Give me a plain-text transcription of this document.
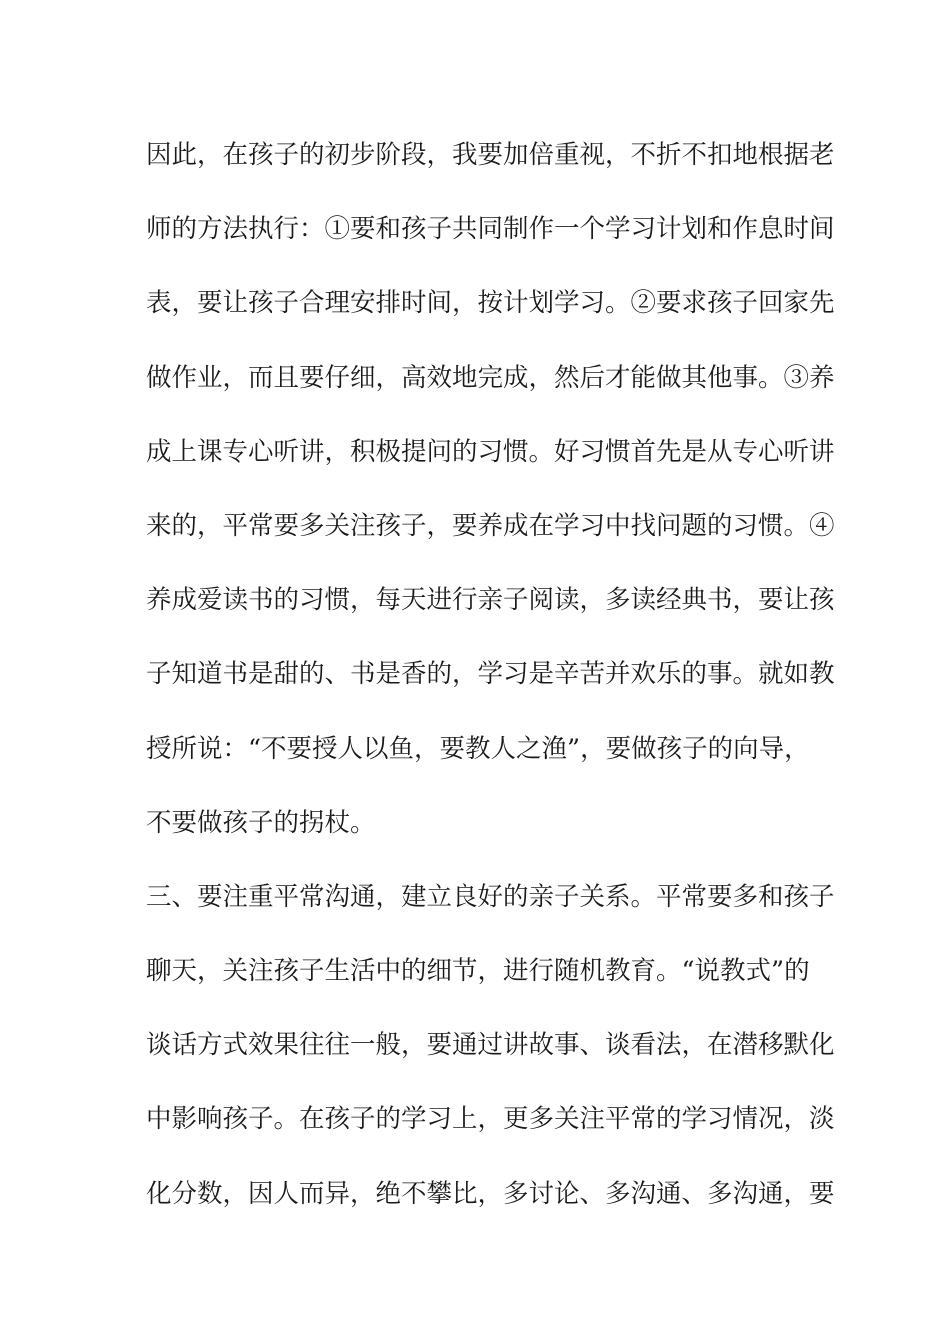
因此，在孩子的初步阶段，我要加倍重视，不折不扣地根据老
师的方法执行：①要和孩子共同制作一个学习计划和作息时间
表，要让孩子合理安排时间，按计划学习。②要求孩子回家先
做作业，而且要仔细，高效地完成，然后才能做其他事。③养
成上课专心听讲，积极提问的习惯。好习惯首先是从专心听讲
来的，平常要多关注孩子，要养成在学习中找问题的习惯。④
养成爱读书的习惯，每天进行亲子阅读，多读经典书，要让孩
子知道书是甜的、书是香的，学习是辛苦并欢乐的事。就如教
授所说：“不要授人以鱼，要教人之渔”，要做孩子的向导，
不要做孩子的拐杖。
三、要注重平常沟通，建立良好的亲子关系。平常要多和孩子
聊天，关注孩子生活中的细节，进行随机教育。“说教式”的
谈话方式效果往往一般，要通过讲故事、谈看法，在潜移默化
中影响孩子。在孩子的学习上，更多关注平常的学习情况，淡
化分数，因人而异，绝不攀比，多讨论、多沟通、多沟通，要
